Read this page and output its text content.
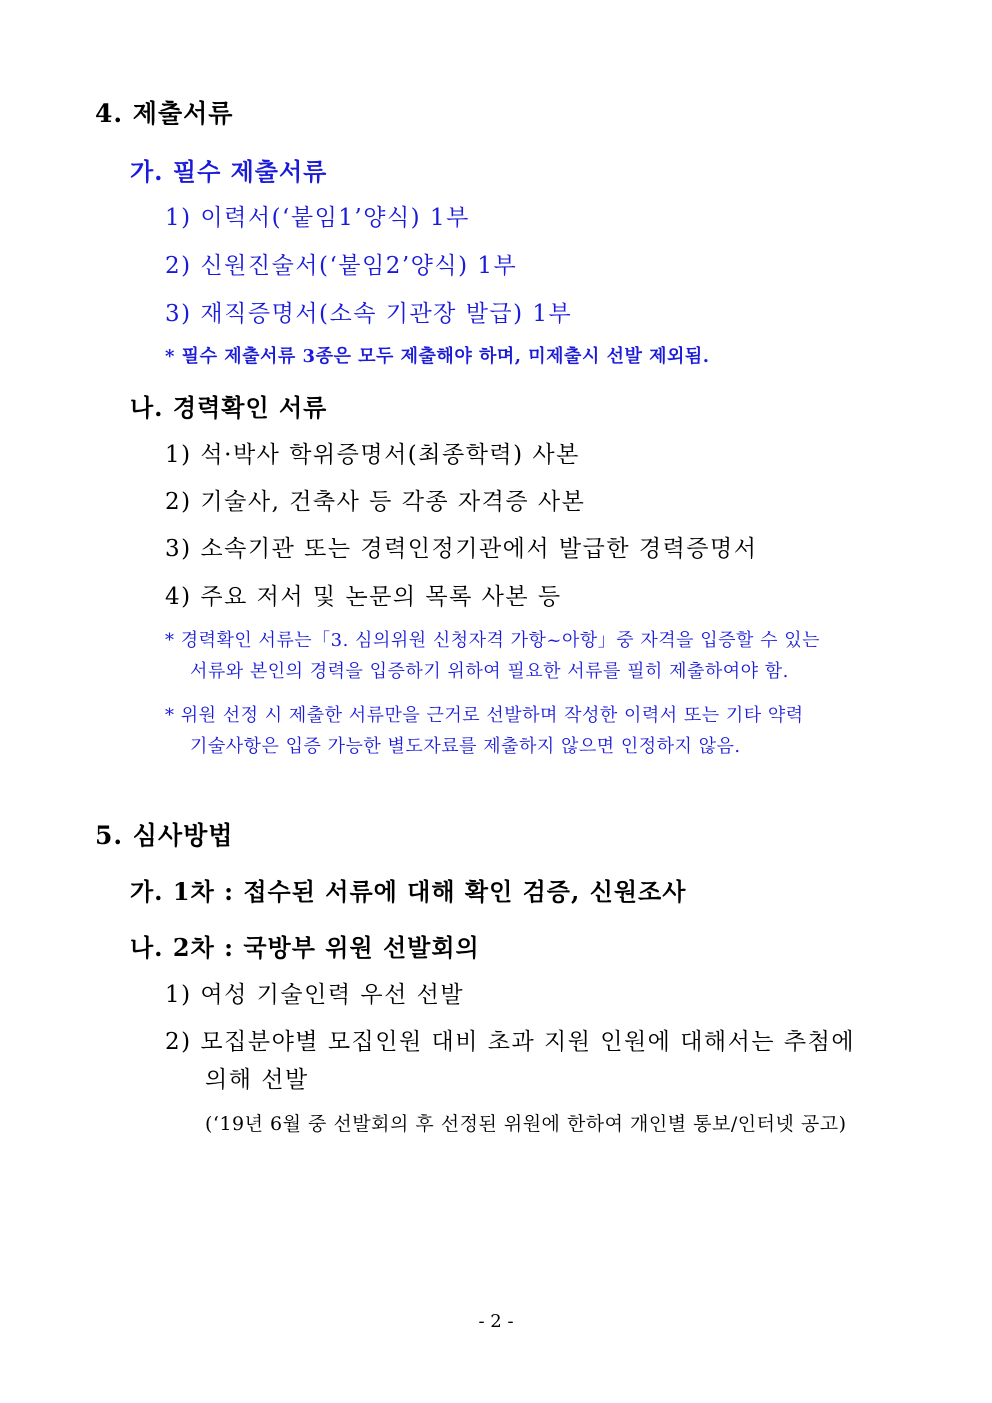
4. 제출서류
가. 필수 제출서류
1) 이력서(‘붙임1’양식) 1부
2) 신원진술서(‘붙임2’양식) 1부
3) 재직증명서(소속 기관장 발급) 1부
* 필수 제출서류 3종은 모두 제출해야 하며, 미제출시 선발 제외됨.
나. 경력확인 서류
1) 석·박사 학위증명서(최종학력) 사본
2) 기술사, 건축사 등 각종 자격증 사본
3) 소속기관 또는 경력인정기관에서 발급한 경력증명서
4) 주요 저서 및 논문의 목록 사본 등
* 경력확인 서류는「3. 심의위원 신청자격 가항~아항」중 자격을 입증할 수 있는
서류와 본인의 경력을 입증하기 위하여 필요한 서류를 필히 제출하여야 함.
* 위원 선정 시 제출한 서류만을 근거로 선발하며 작성한 이력서 또는 기타 약력
기술사항은 입증 가능한 별도자료를 제출하지 않으면 인정하지 않음.
5. 심사방법
가. 1차 : 접수된 서류에 대해 확인 검증, 신원조사
나. 2차 : 국방부 위원 선발회의
1) 여성 기술인력 우선 선발
2) 모집분야별 모집인원 대비 초과 지원 인원에 대해서는 추첨에
의해 선발
(‘19년 6월 중 선발회의 후 선정된 위원에 한하여 개인별 통보/인터넷 공고)
- 2 -
